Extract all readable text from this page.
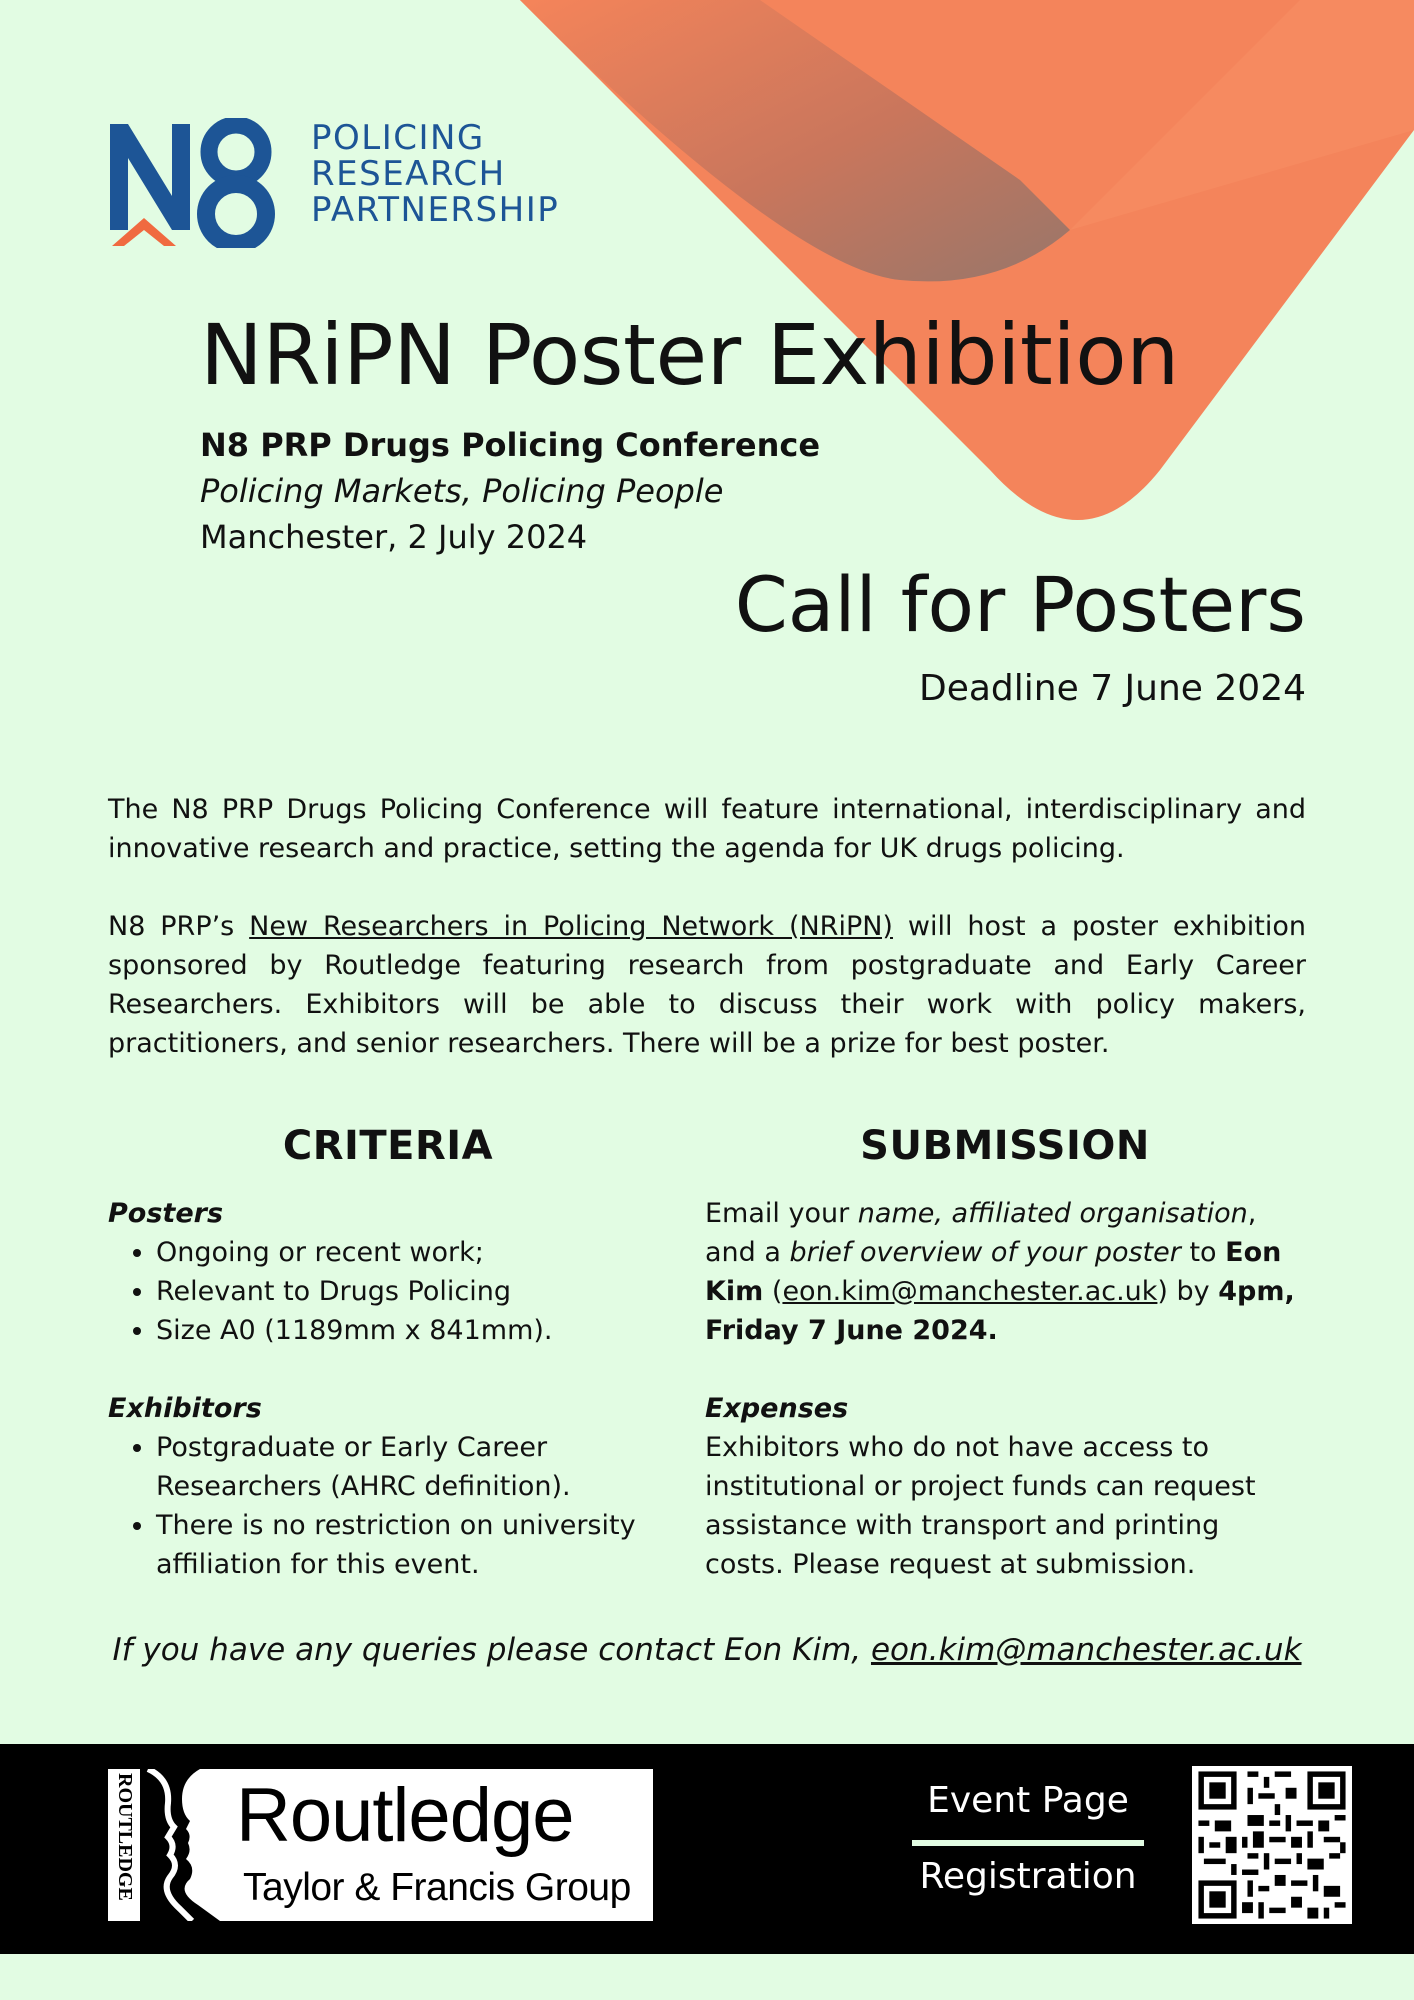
POLICING
RESEARCH
PARTNERSHIP
NRiPN Poster Exhibition
N8 PRP Drugs Policing Conference
Policing Markets, Policing People
Manchester, 2 July 2024
Call for Posters
Deadline 7 June 2024

The N8 PRP Drugs Policing Conference will feature international, interdisciplinary and innovative research and practice, setting the agenda for UK drugs policing.

N8 PRP’s New Researchers in Policing Network (NRiPN) will host a poster exhibition sponsored by Routledge featuring research from postgraduate and Early Career Researchers. Exhibitors will be able to discuss their work with policy makers, practitioners, and senior researchers. There will be a prize for best poster.

CRITERIA

Posters

• Ongoing or recent work;
• Relevant to Drugs Policing
• Size A0 (1189mm x 841mm).

Exhibitors

• Postgraduate or Early Career Researchers (AHRC definition).
• There is no restriction on university affiliation for this event.
SUBMISSION

Email your name, affiliated organisation, and a brief overview of your poster to Eon Kim (eon.kim@manchester.ac.uk) by 4pm, Friday 7 June 2024.

Expenses

Exhibitors who do not have access to institutional or project funds can request assistance with transport and printing costs. Please request at submission.

If you have any queries please contact Eon Kim, eon.kim@manchester.ac.uk
ROUTLEDGE Routledge
Taylor & Francis Group
Event Page
Registration
